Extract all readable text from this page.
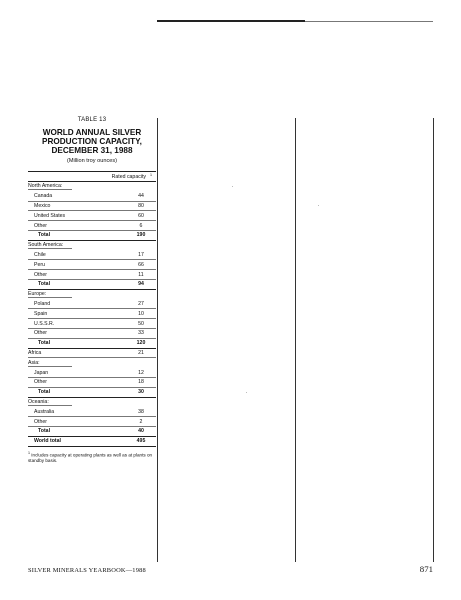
TABLE 13
WORLD ANNUAL SILVER
PRODUCTION CAPACITY,
DECEMBER 31, 1988
(Million troy ounces)
Rated capacity $^1$
North America:
Canada	44
Mexico	80
United States	60
Other	6
Total	190
South America:
Chile	17
Peru	66
Other	11
Total	94
Europe:
Poland	27
Spain	10
U.S.S.R.	50
Other	33
Total	120
Africa	21
Asia:
Japan	12
Other	18
Total	30
Oceania:
Australia	38
Other	2
Total	40
World total	495
$^1$ Includes capacity at operating plants as well as at plants on standby basis.
SILVER MINERALS YEARBOOK—1988	871
